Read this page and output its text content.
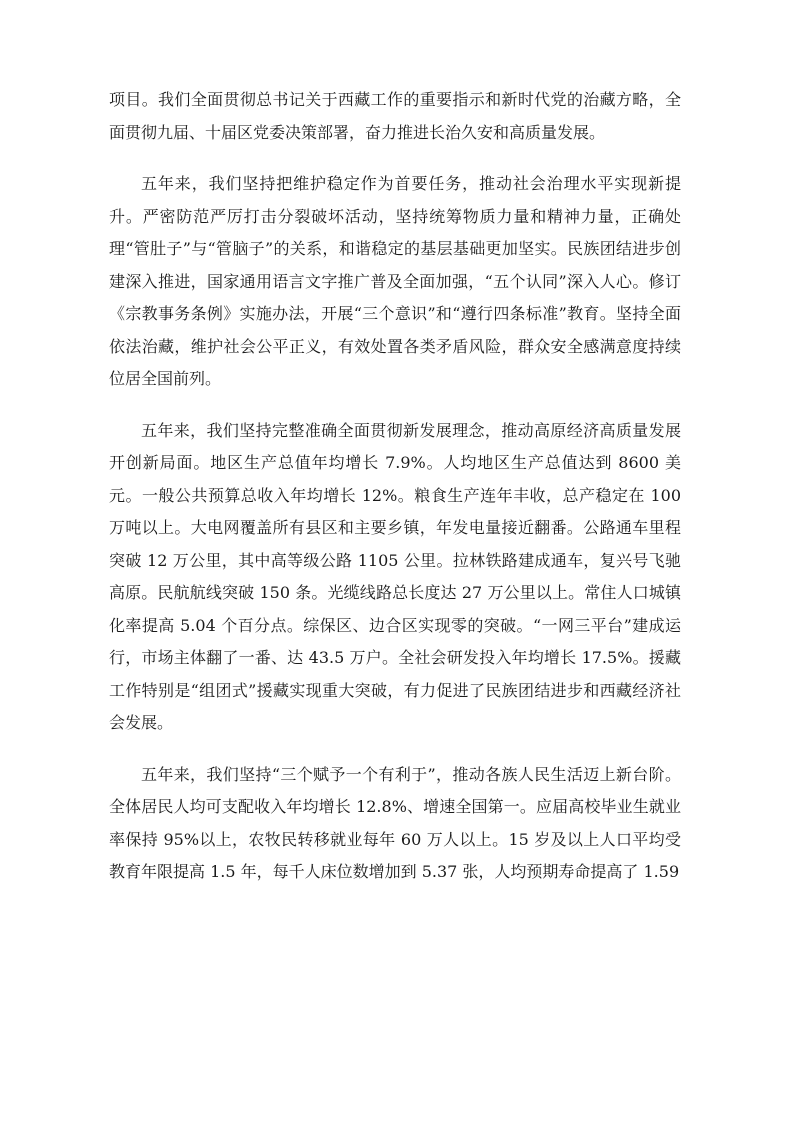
项目。我们全面贯彻总书记关于西藏工作的重要指示和新时代党的治藏方略，全面贯彻九届、十届区党委决策部署，奋力推进长治久安和高质量发展。

五年来，我们坚持把维护稳定作为首要任务，推动社会治理水平实现新提升。严密防范严厉打击分裂破坏活动，坚持统筹物质力量和精神力量，正确处理“管肚子”与“管脑子”的关系，和谐稳定的基层基础更加坚实。民族团结进步创建深入推进，国家通用语言文字推广普及全面加强，“五个认同”深入人心。修订《宗教事务条例》实施办法，开展“三个意识”和“遵行四条标准”教育。坚持全面依法治藏，维护社会公平正义，有效处置各类矛盾风险，群众安全感满意度持续位居全国前列。

五年来，我们坚持完整准确全面贯彻新发展理念，推动高原经济高质量发展开创新局面。地区生产总值年均增长 7.9%。人均地区生产总值达到 8600 美元。一般公共预算总收入年均增长 12%。粮食生产连年丰收，总产稳定在 100 万吨以上。大电网覆盖所有县区和主要乡镇，年发电量接近翻番。公路通车里程突破 12 万公里，其中高等级公路 1105 公里。拉林铁路建成通车，复兴号飞驰高原。民航航线突破 150 条。光缆线路总长度达 27 万公里以上。常住人口城镇化率提高 5.04 个百分点。综保区、边合区实现零的突破。“一网三平台”建成运行，市场主体翻了一番、达 43.5 万户。全社会研发投入年均增长 17.5%。援藏工作特别是“组团式”援藏实现重大突破，有力促进了民族团结进步和西藏经济社会发展。

五年来，我们坚持“三个赋予一个有利于”，推动各族人民生活迈上新台阶。全体居民人均可支配收入年均增长 12.8%、增速全国第一。应届高校毕业生就业率保持 95%以上，农牧民转移就业每年 60 万人以上。15 岁及以上人口平均受教育年限提高 1.5 年，每千人床位数增加到 5.37 张，人均预期寿命提高了 1.59
